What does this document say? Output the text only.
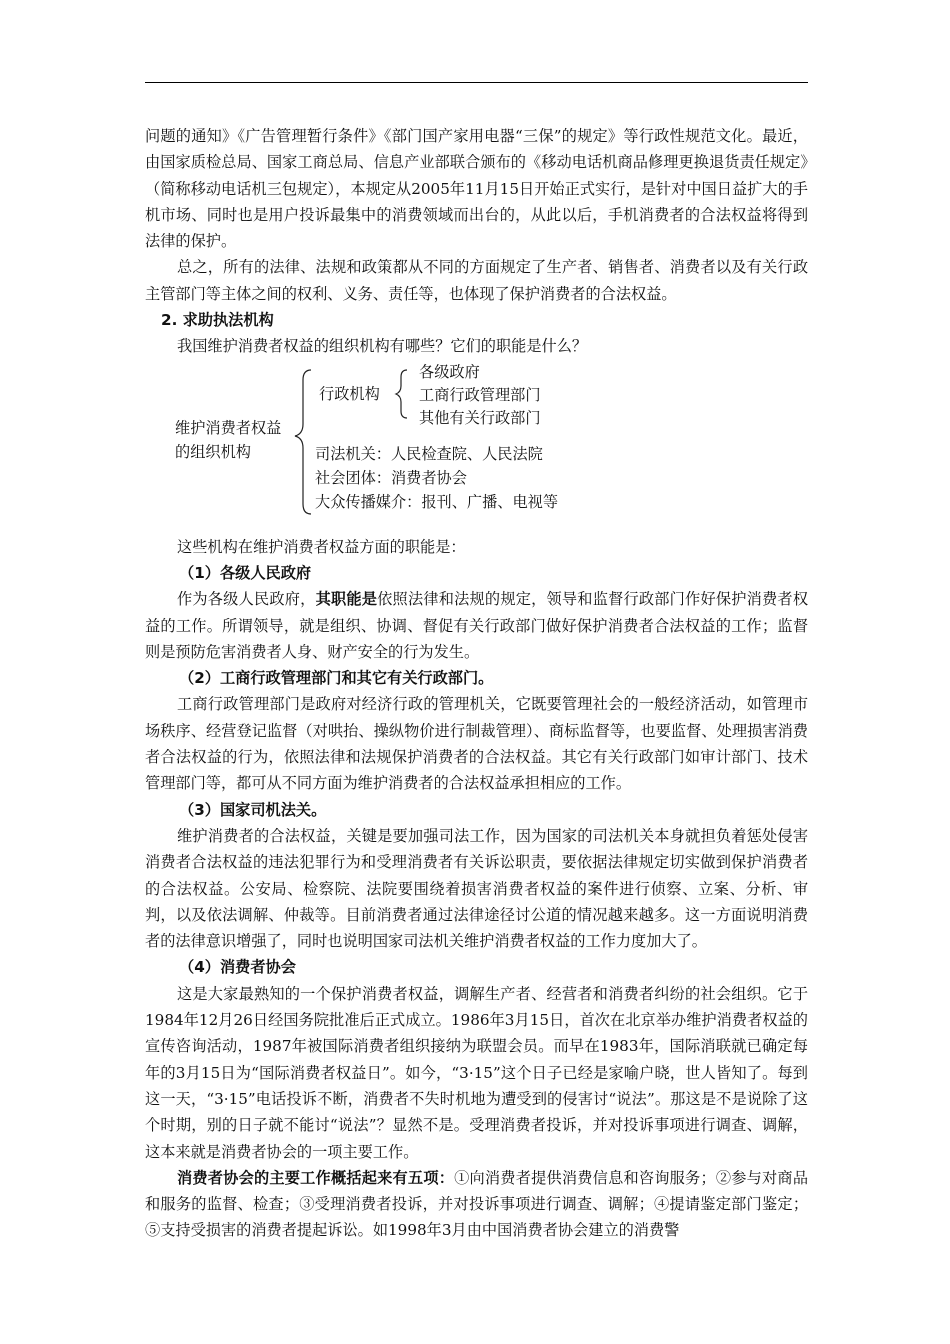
问题的通知》《广告管理暂行条件》《部门国产家用电器“三保”的规定》等行政性规范文化。最近，由国家质检总局、国家工商总局、信息产业部联合颁布的《移动电话机商品修理更换退货责任规定》（简称移动电话机三包规定），本规定从2005年11月15日开始正式实行，是针对中国日益扩大的手机市场、同时也是用户投诉最集中的消费领域而出台的，从此以后，手机消费者的合法权益将得到法律的保护。
总之，所有的法律、法规和政策都从不同的方面规定了生产者、销售者、消费者以及有关行政主管部门等主体之间的权利、义务、责任等，也体现了保护消费者的合法权益。
2. 求助执法机构
我国维护消费者权益的组织机构有哪些？它们的职能是什么？
维护消费者权益的组织机构
行政机构
各级政府
工商行政管理部门
其他有关行政部门
司法机关：人民检查院、人民法院
社会团体：消费者协会
大众传播媒介：报刊、广播、电视等
这些机构在维护消费者权益方面的职能是：
（1）各级人民政府
作为各级人民政府，其职能是依照法律和法规的规定，领导和监督行政部门作好保护消费者权益的工作。所谓领导，就是组织、协调、督促有关行政部门做好保护消费者合法权益的工作；监督则是预防危害消费者人身、财产安全的行为发生。
（2）工商行政管理部门和其它有关行政部门。
工商行政管理部门是政府对经济行政的管理机关，它既要管理社会的一般经济活动，如管理市场秩序、经营登记监督（对哄抬、操纵物价进行制裁管理）、商标监督等，也要监督、处理损害消费者合法权益的行为，依照法律和法规保护消费者的合法权益。其它有关行政部门如审计部门、技术管理部门等，都可从不同方面为维护消费者的合法权益承担相应的工作。
（3）国家司机法关。
维护消费者的合法权益，关键是要加强司法工作，因为国家的司法机关本身就担负着惩处侵害消费者合法权益的违法犯罪行为和受理消费者有关诉讼职责，要依据法律规定切实做到保护消费者的合法权益。公安局、检察院、法院要围绕着损害消费者权益的案件进行侦察、立案、分析、审判，以及依法调解、仲裁等。目前消费者通过法律途径讨公道的情况越来越多。这一方面说明消费者的法律意识增强了，同时也说明国家司法机关维护消费者权益的工作力度加大了。
（4）消费者协会
这是大家最熟知的一个保护消费者权益，调解生产者、经营者和消费者纠纷的社会组织。它于1984年12月26日经国务院批准后正式成立。1986年3月15日，首次在北京举办维护消费者权益的宣传咨询活动，1987年被国际消费者组织接纳为联盟会员。而早在1983年，国际消联就已确定每年的3月15日为“国际消费者权益日”。如今，“3·15”这个日子已经是家喻户晓，世人皆知了。每到这一天，“3·15”电话投诉不断，消费者不失时机地为遭受到的侵害讨“说法”。那这是不是说除了这个时期，别的日子就不能讨“说法”？显然不是。受理消费者投诉，并对投诉事项进行调查、调解，这本来就是消费者协会的一项主要工作。
消费者协会的主要工作概括起来有五项：①向消费者提供消费信息和咨询服务；②参与对商品和服务的监督、检查；③受理消费者投诉，并对投诉事项进行调查、调解；④提请鉴定部门鉴定；⑤支持受损害的消费者提起诉讼。如1998年3月由中国消费者协会建立的消费警
